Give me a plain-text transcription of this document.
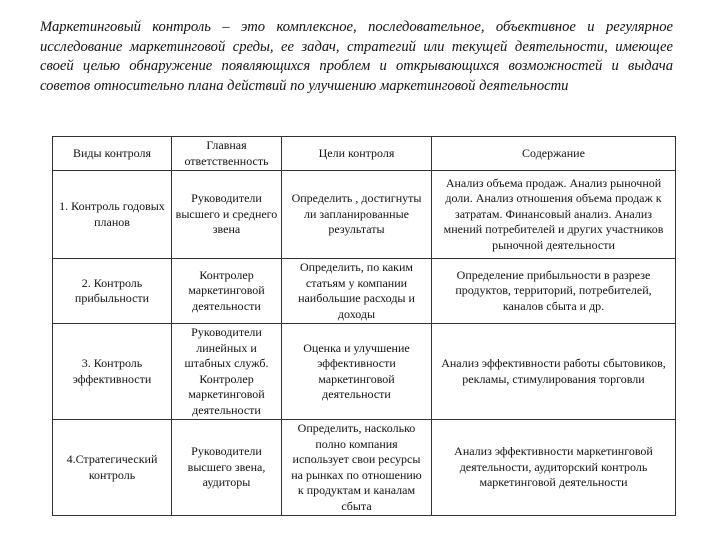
Маркетинговый контроль – это комплексное, последовательное, объективное и регулярное исследование маркетинговой среды, ее задач, стратегий или текущей деятельности, имеющее своей целью обнаружение появляющихся проблем и открывающихся возможностей и выдача советов относительно плана действий по улучшению маркетинговой деятельности
Виды контроля	Главная ответственность	Цели контроля	Содержание
1. Контроль годовых планов	Руководители высшего и среднего звена	Определить , достигнуты ли запланированные результаты	Анализ объема продаж. Анализ рыночной доли. Анализ отношения объема продаж к затратам. Финансовый анализ. Анализ мнений потребителей и других участников рыночной деятельности
2. Контроль прибыльности	Контролер маркетинговой деятельности	Определить, по каким статьям у компании наибольшие расходы и доходы	Определение прибыльности в разрезе продуктов, территорий, потребителей, каналов сбыта и др.
3. Контроль эффективности	Руководители линейных и штабных служб. Контролер маркетинговой деятельности	Оценка и улучшение эффективности маркетинговой деятельности	Анализ эффективности работы сбытовиков, рекламы, стимулирования торговли
4.Стратегический контроль	Руководители высшего звена, аудиторы	Определить, насколько полно компания использует свои ресурсы на рынках по отношению к продуктам и каналам сбыта	Анализ эффективности маркетинговой деятельности, аудиторский контроль маркетинговой деятельности
